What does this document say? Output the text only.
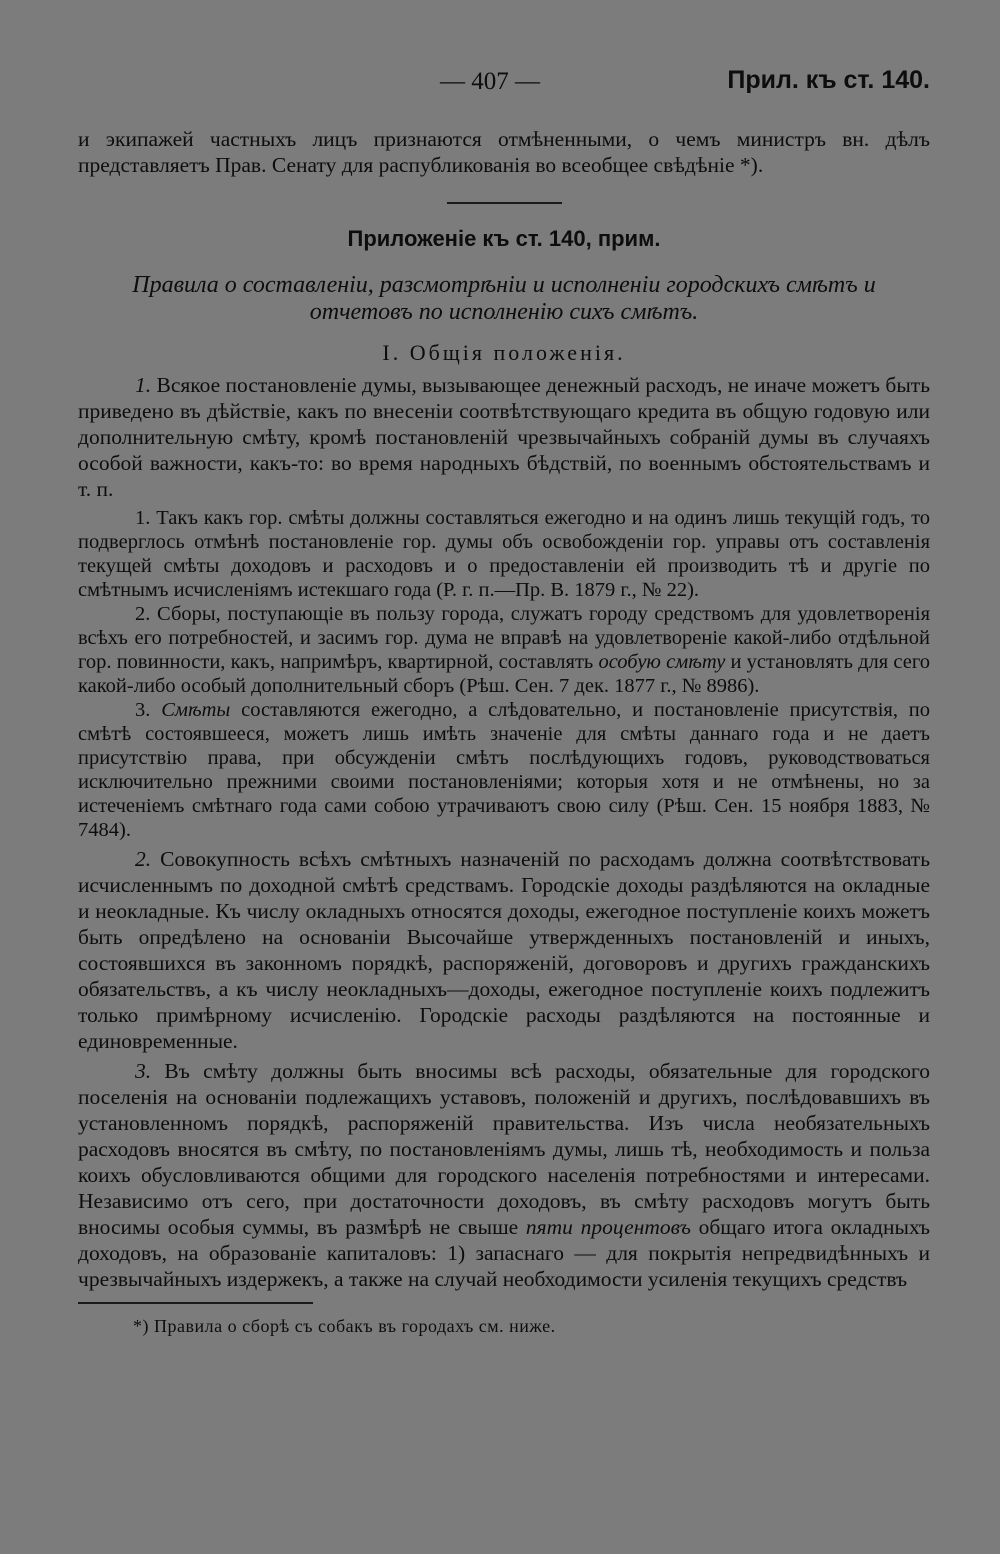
— 407 —	Прил. къ ст. 140.

и экипажей частныхъ лицъ признаются отмѣненными, о чемъ министръ вн. дѣлъ представляетъ Прав. Сенату для распубликованія во всеобщее свѣдѣніе *).

Приложеніе къ ст. 140, прим.
Правила о составленіи, разсмотрѣніи и исполненіи городскихъ смѣтъ и отчетовъ по исполненію сихъ смѣтъ.
I. Общія положенія.

1. Всякое постановленіе думы, вызывающее денежный расходъ, не иначе можетъ быть приведено въ дѣйствіе, какъ по внесеніи соотвѣтствующаго кредита въ общую годовую или дополнительную смѣту, кромѣ постановленій чрезвычайныхъ собраній думы въ случаяхъ особой важности, какъ-то: во время народныхъ бѣдствій, по военнымъ обстоятельствамъ и т. п.

1. Такъ какъ гор. смѣты должны составляться ежегодно и на одинъ лишь текущій годъ, то подверглось отмѣнѣ постановленіе гор. думы объ освобожденіи гор. управы отъ составленія текущей смѣты доходовъ и расходовъ и о предоставленіи ей производить тѣ и другіе по смѣтнымъ исчисленіямъ истекшаго года (Р. г. п.—Пр. В. 1879 г., № 22).

2. Сборы, поступающіе въ пользу города, служатъ городу средствомъ для удовлетворенія всѣхъ его потребностей, и засимъ гор. дума не вправѣ на удовлетвореніе какой-либо отдѣльной гор. повинности, какъ, напримѣръ, квартирной, составлять особую смѣту и установлять для сего какой-либо особый дополнительный сборъ (Рѣш. Сен. 7 дек. 1877 г., № 8986).

3. Смѣты составляются ежегодно, а слѣдовательно, и постановленіе присутствія, по смѣтѣ состоявшееся, можетъ лишь имѣть значеніе для смѣты даннаго года и не даетъ присутствію права, при обсужденіи смѣтъ послѣдующихъ годовъ, руководствоваться исключительно прежними своими постановленіями; которыя хотя и не отмѣнены, но за истеченіемъ смѣтнаго года сами собою утрачиваютъ свою силу (Рѣш. Сен. 15 ноября 1883, № 7484).

2. Совокупность всѣхъ смѣтныхъ назначеній по расходамъ должна соотвѣтствовать исчисленнымъ по доходной смѣтѣ средствамъ. Городскіе доходы раздѣляются на окладные и неокладные. Къ числу окладныхъ относятся доходы, ежегодное поступленіе коихъ можетъ быть опредѣлено на основаніи Высочайше утвержденныхъ постановленій и иныхъ, состоявшихся въ законномъ порядкѣ, распоряженій, договоровъ и другихъ гражданскихъ обязательствъ, а къ числу неокладныхъ—доходы, ежегодное поступленіе коихъ подлежитъ только примѣрному исчисленію. Городскіе расходы раздѣляются на постоянные и единовременные.

3. Въ смѣту должны быть вносимы всѣ расходы, обязательные для городского поселенія на основаніи подлежащихъ уставовъ, положеній и другихъ, послѣдовавшихъ въ установленномъ порядкѣ, распоряженій правительства. Изъ числа необязательныхъ расходовъ вносятся въ смѣту, по постановленіямъ думы, лишь тѣ, необходимость и польза коихъ обусловливаются общими для городского населенія потребностями и интересами. Независимо отъ сего, при достаточности доходовъ, въ смѣту расходовъ могутъ быть вносимы особыя суммы, въ размѣрѣ не свыше пяти процентовъ общаго итога окладныхъ доходовъ, на образованіе капиталовъ: 1) запаснаго — для покрытія непредвидѣнныхъ и чрезвычайныхъ издержекъ, а также на случай необходимости усиленія текущихъ средствъ

*) Правила о сборѣ съ собакъ въ городахъ см. ниже.
